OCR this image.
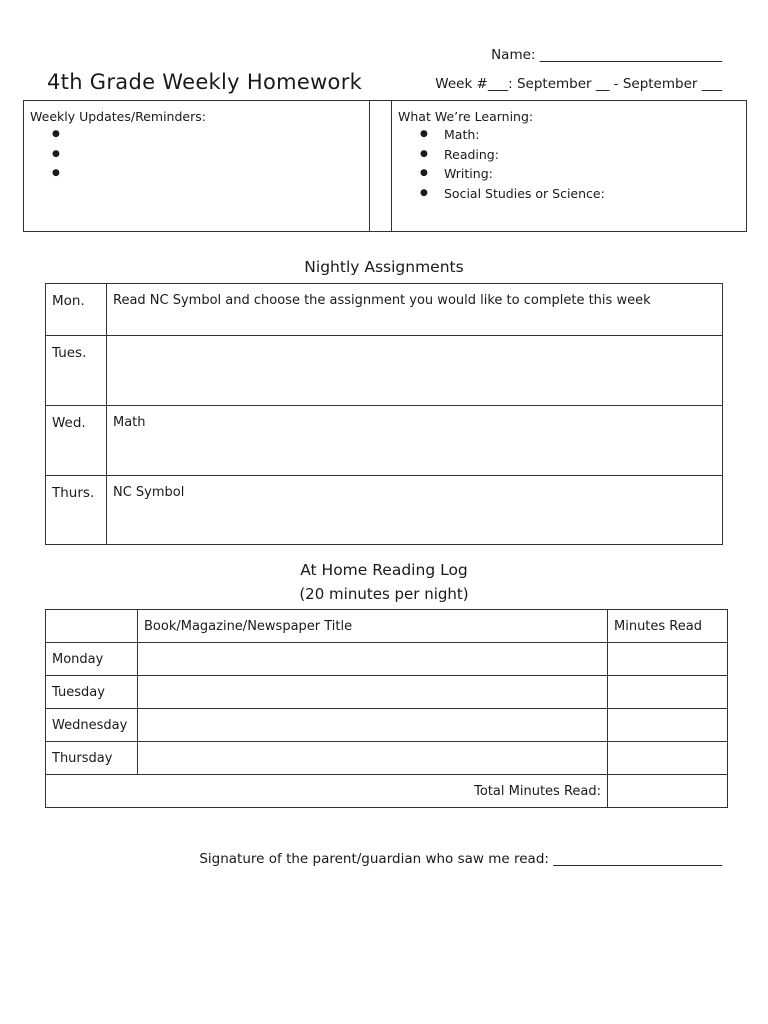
Name: ___________________________
4th Grade Weekly Homework	Week #___: September __ - September ___
Weekly Updates/Reminders:
●
●
●	What We’re Learning:
● Math:
● Reading:
● Writing:
● Social Studies or Science:
Nightly Assignments
Mon.	Read NC Symbol and choose the assignment you would like to complete this week
Tues.	
Wed.	Math
Thurs.	NC Symbol
At Home Reading Log
(20 minutes per night)
	Book/Magazine/Newspaper Title	Minutes Read
Monday		
Tuesday		
Wednesday		
Thursday		
Total Minutes Read:		
Signature of the parent/guardian who saw me read: _________________________
